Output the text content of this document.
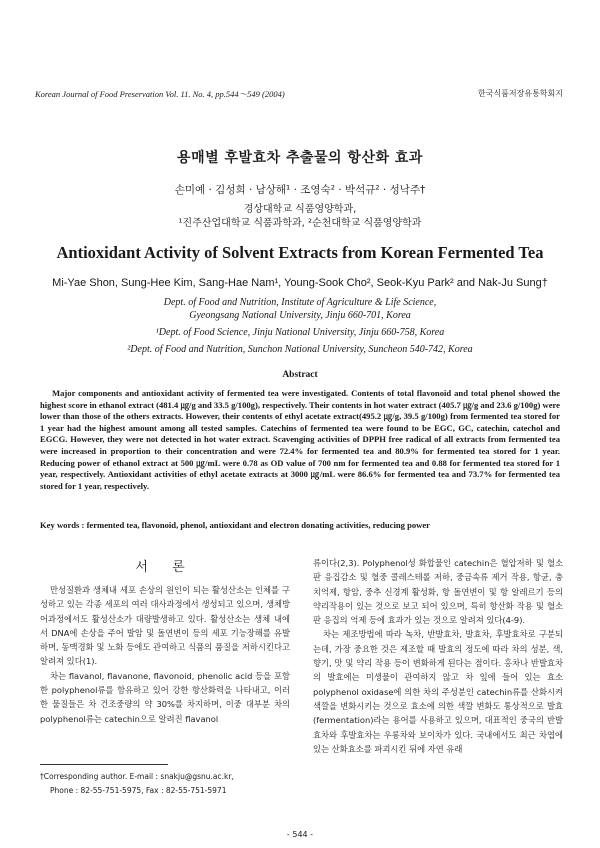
Korean Journal of Food Preservation Vol. 11. No. 4, pp.544～549 (2004)	한국식품저장유통학회지
용매별 후발효차 추출물의 항산화 효과
손미예 · 김성희 · 남상해¹ · 조영숙² · 박석규² · 성낙주†
경상대학교 식품영양학과,
¹진주산업대학교 식품과학과, ²순천대학교 식품영양학과
Antioxidant Activity of Solvent Extracts from Korean Fermented Tea
Mi-Yae Shon, Sung-Hee Kim, Sang-Hae Nam¹, Young-Sook Cho², Seok-Kyu Park² and Nak-Ju Sung†
Dept. of Food and Nutrition, Institute of Agriculture & Life Science,
Gyeongsang National University, Jinju 660-701, Korea
¹Dept. of Food Science, Jinju National University, Jinju 660-758, Korea
²Dept. of Food and Nutrition, Sunchon National University, Suncheon 540-742, Korea
Abstract
Major components and antioxidant activity of fermented tea were investigated. Contents of total flavonoid and total phenol showed the highest score in ethanol extract (481.4 ㎍/g and 33.5 g/100g), respectively. Their contents in hot water extract (405.7 ㎍/g and 23.6 g/100g) were lower than those of the others extracts. However, their contents of ethyl acetate extract(495.2 ㎍/g, 39.5 g/100g) from fermented tea stored for 1 year had the highest amount among all tested samples. Catechins of fermented tea were found to be EGC, GC, catechin, catechol and EGCG. However, they were not detected in hot water extract. Scavenging activities of DPPH free radical of all extracts from fermented tea were increased in proportion to their concentration and were 72.4% for fermented tea and 80.9% for fermented tea stored for 1 year. Reducing power of ethanol extract at 500 ㎍/mL were 0.78 as OD value of 700 nm for fermented tea and 0.88 for fermented tea stored for 1 year, respectively. Antioxidant activities of ethyl acetate extracts at 3000 ㎍/mL were 86.6% for fermented tea and 73.7% for fermented tea stored for 1 year, respectively.
Key words : fermented tea, flavonoid, phenol, antioxidant and electron donating activities, reducing power
서 론

만성질환과 생체내 세포 손상의 원인이 되는 활성산소는 인체를 구성하고 있는 각종 세포의 여러 대사과정에서 생성되고 있으며, 생체방어과정에서도 활성산소가 대량발생하고 있다. 활성산소는 생체 내에서 DNA에 손상을 주어 발암 및 돌연변이 등의 세포 기능장해를 유발하며, 동맥경화 및 노화 등에도 관여하고 식품의 품질을 저하시킨다고 알려져 있다(1).

차는 flavanol, flavanone, flavonoid, phenolic acid 등을 포함한 polyphenol류를 함유하고 있어 강한 항산화력을 나타내고, 이러한 물질들은 차 건조중량의 약 30%를 차지하며, 이중 대부분 차의 polyphenol류는 catechin으로 알려진 flavanol

류이다(2,3). Polyphenol성 화합물인 catechin은 혈압저하 및 혈소판 응집감소 및 혈중 콜레스테롤 저하, 중금속류 제거 작용, 항균, 충치억제, 항암, 중추 신경계 활성화, 항 돌연변이 및 항 알레르기 등의 약리작용이 있는 것으로 보고 되어 있으며, 특히 항산화 작용 및 혈소판 응집의 억제 등에 효과가 있는 것으로 알려져 있다(4-9).

차는 제조방법에 따라 녹차, 반발효차, 발효차, 후발효차로 구분되는데, 가장 중요한 것은 제조할 때 발효의 정도에 따라 차의 성분, 색, 향기, 맛 및 약리 작용 등이 변화하게 된다는 점이다. 홍차나 반발효차의 발효에는 미생물이 관여하지 않고 차 잎에 들어 있는 효소 polyphenol oxidase에 의한 차의 주성분인 catechin류를 산화시켜 색깔을 변화시키는 것으로 효소에 의한 색깔 변화도 통상적으로 발효(fermentation)라는 용어를 사용하고 있으며, 대표적인 중국의 반발효차와 후발효차는 우롱차와 보이차가 있다. 국내에서도 최근 차엽에 있는 산화효소를 파괴시킨 뒤에 자연 유래

†Corresponding author. E-mail : snakju@gsnu.ac.kr,
Phone : 82-55-751-5975, Fax : 82-55-751-5971
- 544 -
